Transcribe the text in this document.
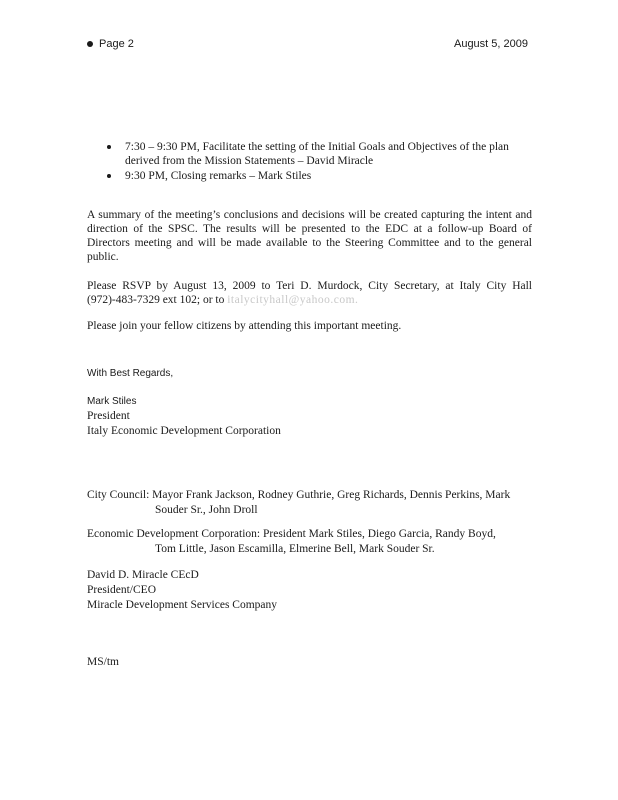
Page 2	August 5, 2009
7:30 – 9:30 PM, Facilitate the setting of the Initial Goals and Objectives of the plan derived from the Mission Statements – David Miracle
9:30 PM, Closing remarks – Mark Stiles

A summary of the meeting’s conclusions and decisions will be created capturing the intent and direction of the SPSC. The results will be presented to the EDC at a follow-up Board of Directors meeting and will be made available to the Steering Committee and to the general public.

Please RSVP by August 13, 2009 to Teri D. Murdock, City Secretary, at Italy City Hall (972)-483-7329 ext 102; or to italycityhall@yahoo.com.

Please join your fellow citizens by attending this important meeting.

With Best Regards,
Mark Stiles
President
Italy Economic Development Corporation
City Council: Mayor Frank Jackson, Rodney Guthrie, Greg Richards, Dennis Perkins, Mark
Souder Sr., John Droll
Economic Development Corporation: President Mark Stiles, Diego Garcia, Randy Boyd,
Tom Little, Jason Escamilla, Elmerine Bell, Mark Souder Sr.
David D. Miracle CEcD
President/CEO
Miracle Development Services Company
MS/tm
